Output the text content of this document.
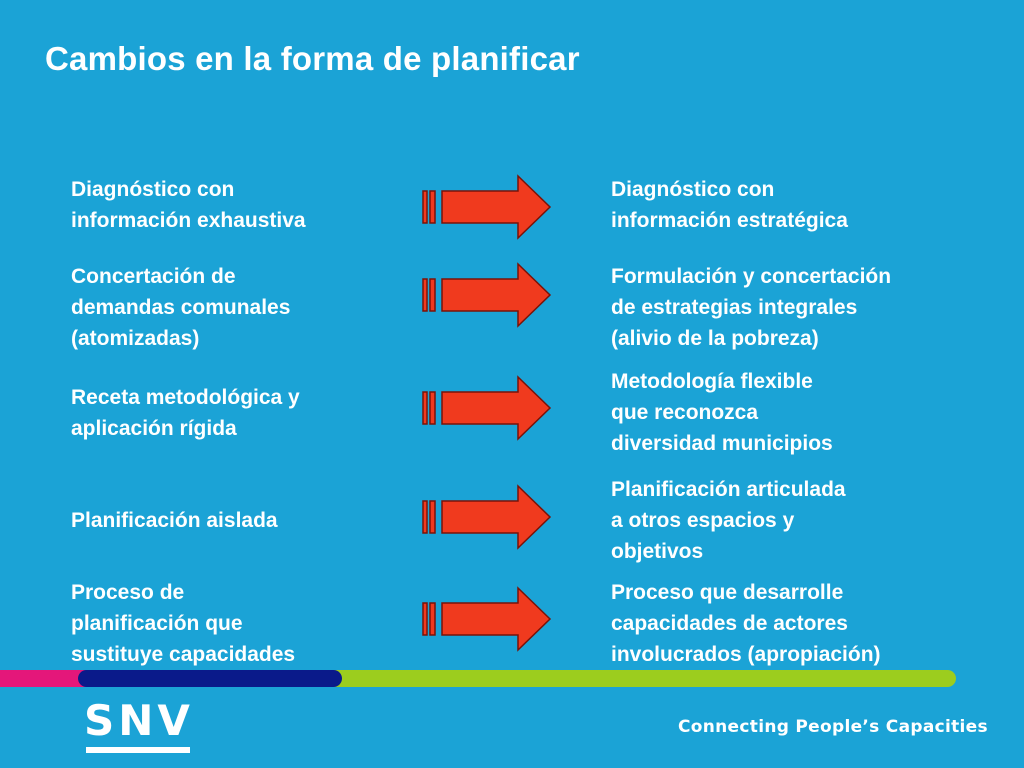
Cambios en la forma de planificar
Diagnóstico con
información exhaustiva
Diagnóstico con
información estratégica
Concertación de
demandas comunales
(atomizadas)
Formulación y concertación
de estrategias integrales
(alivio de la pobreza)
Receta metodológica y
aplicación rígida
Metodología flexible
que reconozca
diversidad municipios
Planificación aislada
Planificación articulada
a otros espacios y
objetivos
Proceso de
planificación que
sustituye capacidades
Proceso que desarrolle
capacidades de actores
involucrados (apropiación)
SNV	Connecting People’s Capacities
